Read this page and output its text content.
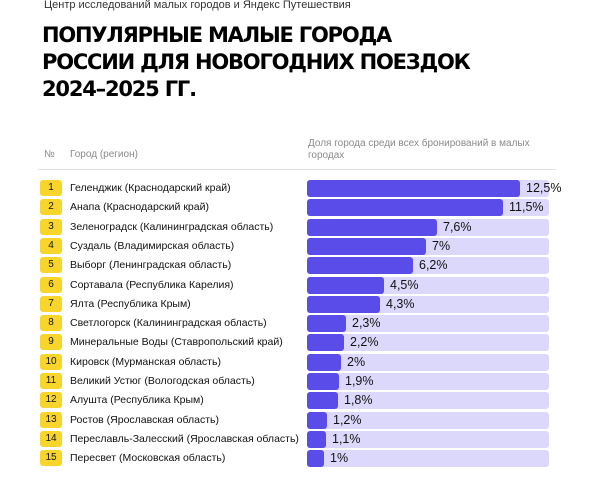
Центр исследований малых городов и Яндекс Путешествия
ПОПУЛЯРНЫЕ МАЛЫЕ ГОРОДА
РОССИИ ДЛЯ НОВОГОДНИХ ПОЕЗДОК
2024–2025 ГГ.
№ Город (регион)
Доля города среди всех бронирований в малых городах
1	Геленджик (Краснодарский край)	12,5%
2	Анапа (Краснодарский край)	11,5%
3	Зеленоградск (Калининградская область)	7,6%
4	Суздаль (Владимирская область)	7%
5	Выборг (Ленинградская область)	6,2%
6	Сортавала (Республика Карелия)	4,5%
7	Ялта (Республика Крым)	4,3%
8	Светлогорск (Калининградская область)	2,3%
9	Минеральные Воды (Ставропольский край)	2,2%
10	Кировск (Мурманская область)	2%
11	Великий Устюг (Вологодская область)	1,9%
12	Алушта (Республика Крым)	1,8%
13	Ростов (Ярославская область)	1,2%
14	Переславль-Залесский (Ярославская область)	1,1%
15	Пересвет (Московская область)	1%
